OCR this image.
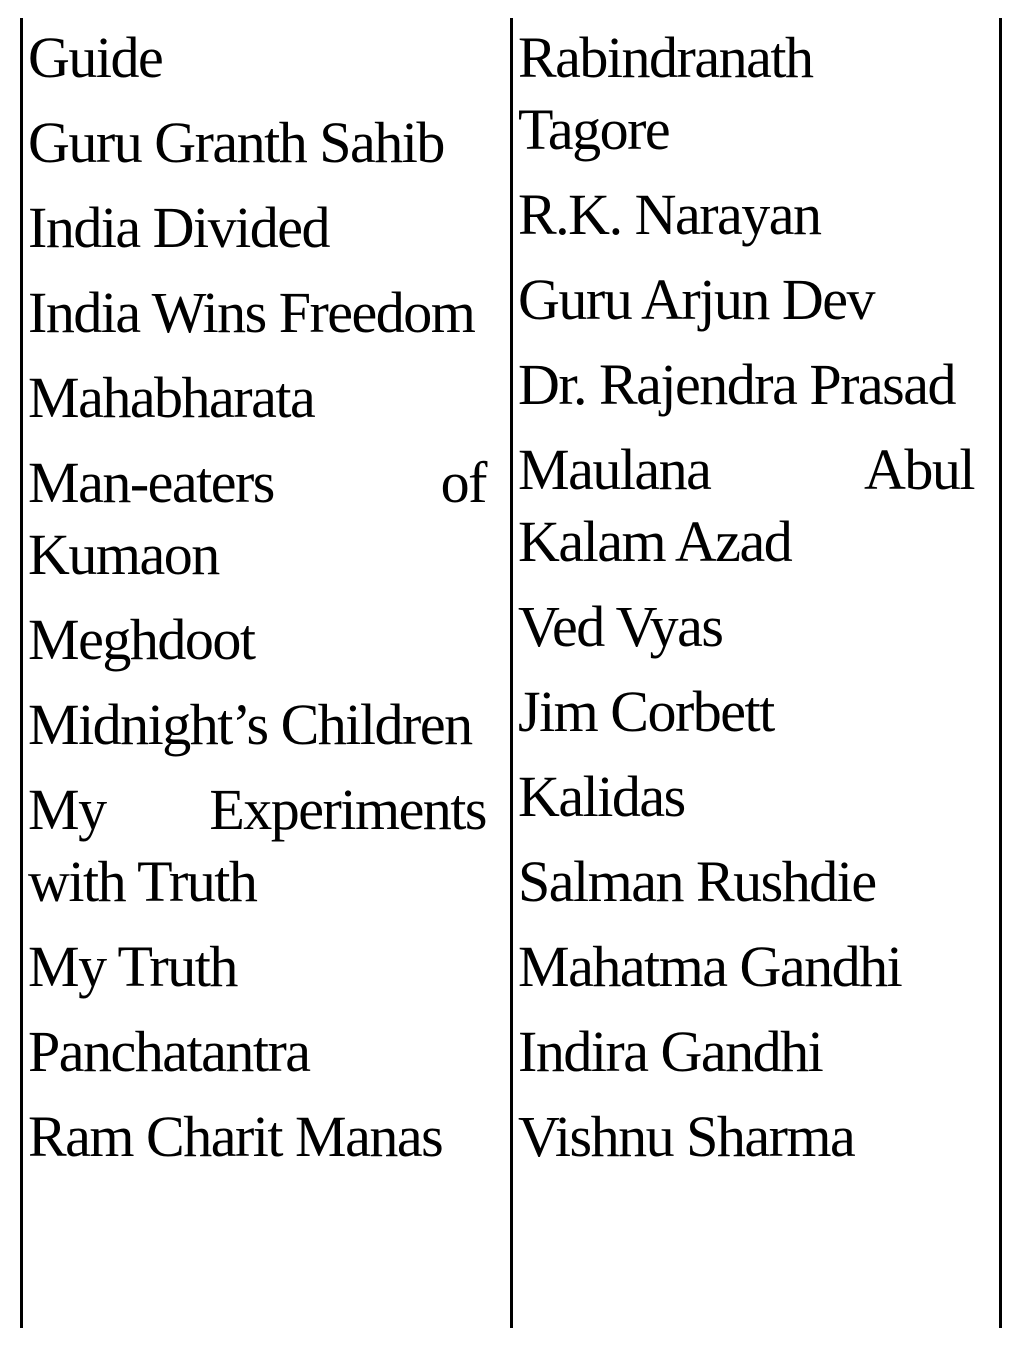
Guide
Guru Granth Sahib
India Divided
India Wins Freedom
Mahabharata
Man-eaters of Kumaon
Meghdoot
Midnight’s Children
My Experiments with Truth
My Truth
Panchatantra
Ram Charit Manas
Rabindranath Tagore
R.K. Narayan
Guru Arjun Dev
Dr. Rajendra Prasad
Maulana Abul Kalam Azad
Ved Vyas
Jim Corbett
Kalidas
Salman Rushdie
Mahatma Gandhi
Indira Gandhi
Vishnu Sharma
